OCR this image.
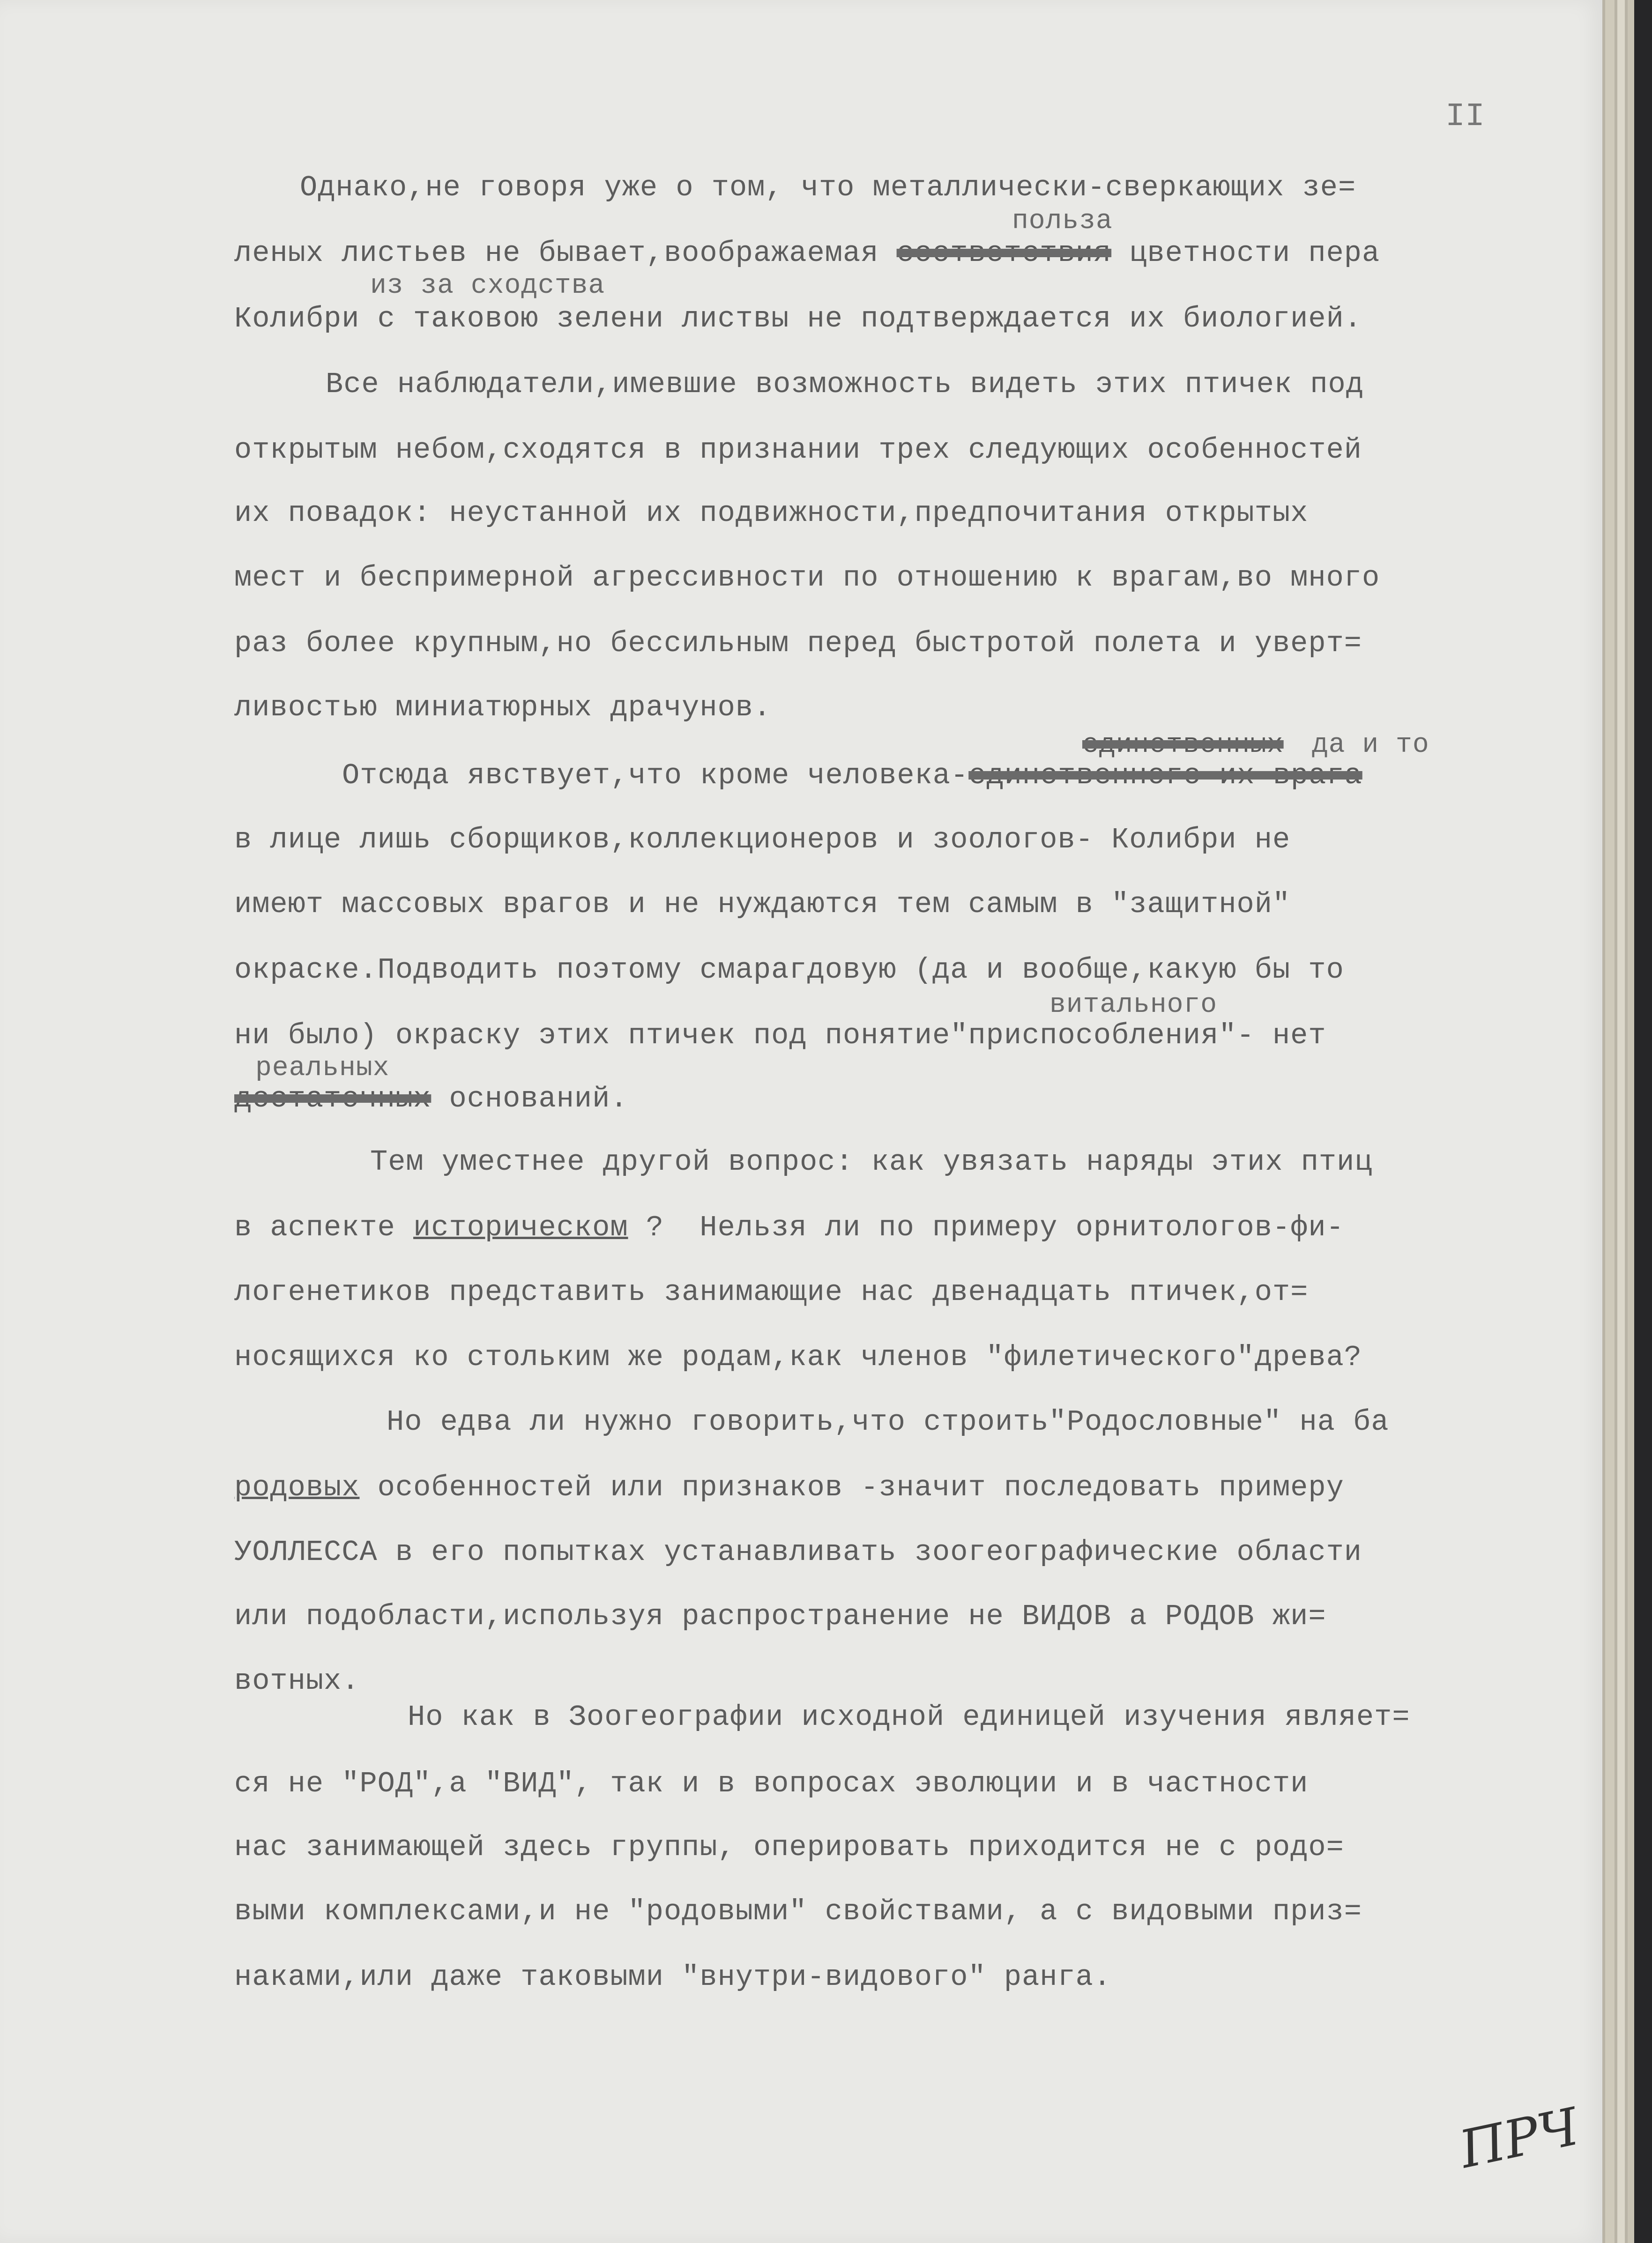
II
Однако,не говоря уже о том, что металлически-сверкающих зе=
польза
леных листьев не бывает,воображаемая соответствия цветности пера
из за сходства
Колибри с таковою зелени листвы не подтверждается их биологией.
Все наблюдатели,имевшие возможность видеть этих птичек под
открытым небом,сходятся в признании трех следующих особенностей
их повадок: неустанной их подвижности,предпочитания открытых
мест и беспримерной агрессивности по отношению к врагам,во много
раз более крупным,но бессильным перед быстротой полета и уверт=
ливостью миниатюрных драчунов.
единственных да и то
Отсюда явствует,что кроме человека-единственного их врага
в лице лишь сборщиков,коллекционеров и зоологов- Колибри не
имеют массовых врагов и не нуждаются тем самым в "защитной"
окраске.Подводить поэтому смарагдовую (да и вообще,какую бы то
витального
ни было) окраску этих птичек под понятие"приспособления"- нет
реальных
достаточных оснований.
Тем уместнее другой вопрос: как увязать наряды этих птиц
в аспекте историческом ?  Нельзя ли по примеру орнитологов-фи-
логенетиков представить занимающие нас двенадцать птичек,от=
носящихся ко стольким же родам,как членов "филетического"древа?
Но едва ли нужно говорить,что строить"Родословные" на ба
родовых особенностей или признаков -значит последовать примеру
УОЛЛЕССА в его попытках устанавливать зоогеографические области
или подобласти,используя распространение не ВИДОВ а РОДОВ жи=
вотных.
Но как в Зоогеографии исходной единицей изучения являет=
ся не "РОД",а "ВИД", так и в вопросах эволюции и в частности
нас занимающей здесь группы, оперировать приходится не с родо=
выми комплексами,и не "родовыми" свойствами, а с видовыми приз=
наками,или даже таковыми "внутри-видового" ранга.
ПРЧ
